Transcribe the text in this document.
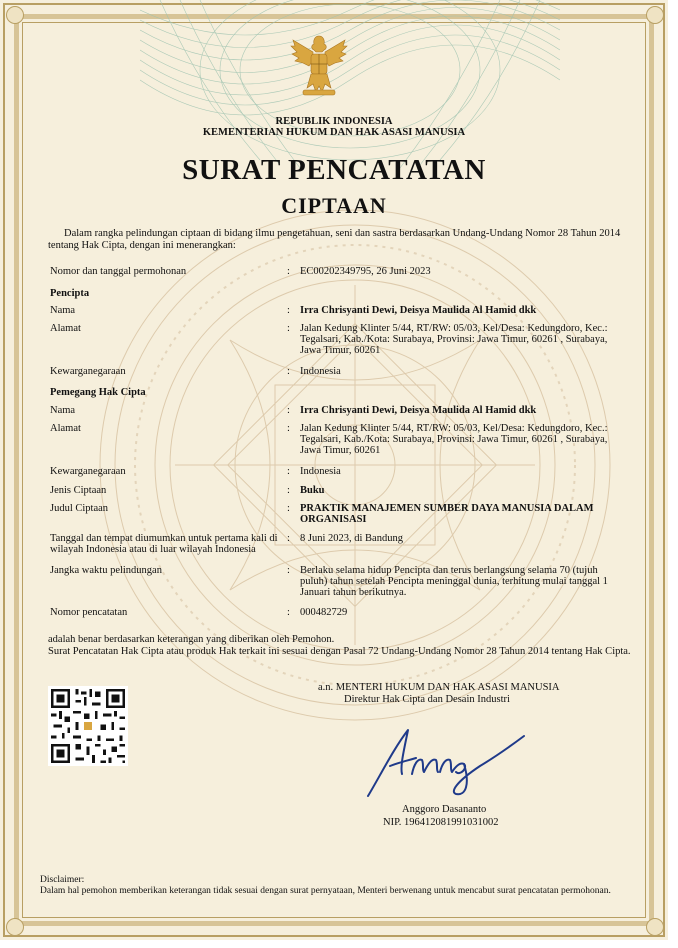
REPUBLIK INDONESIA
KEMENTERIAN HUKUM DAN HAK ASASI MANUSIA
SURAT PENCATATAN
CIPTAAN
Dalam rangka pelindungan ciptaan di bidang ilmu pengetahuan, seni dan sastra berdasarkan Undang-Undang Nomor 28 Tahun 2014 tentang Hak Cipta, dengan ini menerangkan:
Nomor dan tanggal permohonan	: EC00202349795, 26 Juni 2023
Pencipta
Nama	: Irra Chrisyanti Dewi, Deisya Maulida Al Hamid dkk
Alamat	: Jalan Kedung Klinter 5/44, RT/RW: 05/03, Kel/Desa: Kedungdoro, Kec.: Tegalsari, Kab./Kota: Surabaya, Provinsi: Jawa Timur, 60261 , Surabaya, Jawa Timur, 60261
Kewarganegaraan	: Indonesia
Pemegang Hak Cipta
Nama	: Irra Chrisyanti Dewi, Deisya Maulida Al Hamid dkk
Alamat	: Jalan Kedung Klinter 5/44, RT/RW: 05/03, Kel/Desa: Kedungdoro, Kec.: Tegalsari, Kab./Kota: Surabaya, Provinsi: Jawa Timur, 60261 , Surabaya, Jawa Timur, 60261
Kewarganegaraan	: Indonesia
Jenis Ciptaan	: Buku
Judul Ciptaan	: PRAKTIK MANAJEMEN SUMBER DAYA MANUSIA DALAM ORGANISASI
Tanggal dan tempat diumumkan untuk pertama kali di wilayah Indonesia atau di luar wilayah Indonesia
: 8 Juni 2023, di Bandung
Jangka waktu pelindungan	: Berlaku selama hidup Pencipta dan terus berlangsung selama 70 (tujuh puluh) tahun setelah Pencipta meninggal dunia, terhitung mulai tanggal 1 Januari tahun berikutnya.
Nomor pencatatan	: 000482729
adalah benar berdasarkan keterangan yang diberikan oleh Pemohon.
Surat Pencatatan Hak Cipta atau produk Hak terkait ini sesuai dengan Pasal 72 Undang-Undang Nomor 28 Tahun 2014 tentang Hak Cipta.
a.n. MENTERI HUKUM DAN HAK ASASI MANUSIA
Direktur Hak Cipta dan Desain Industri
Anggoro Dasananto
NIP. 196412081991031002
Disclaimer:
Dalam hal pemohon memberikan keterangan tidak sesuai dengan surat pernyataan, Menteri berwenang untuk mencabut surat pencatatan permohonan.
